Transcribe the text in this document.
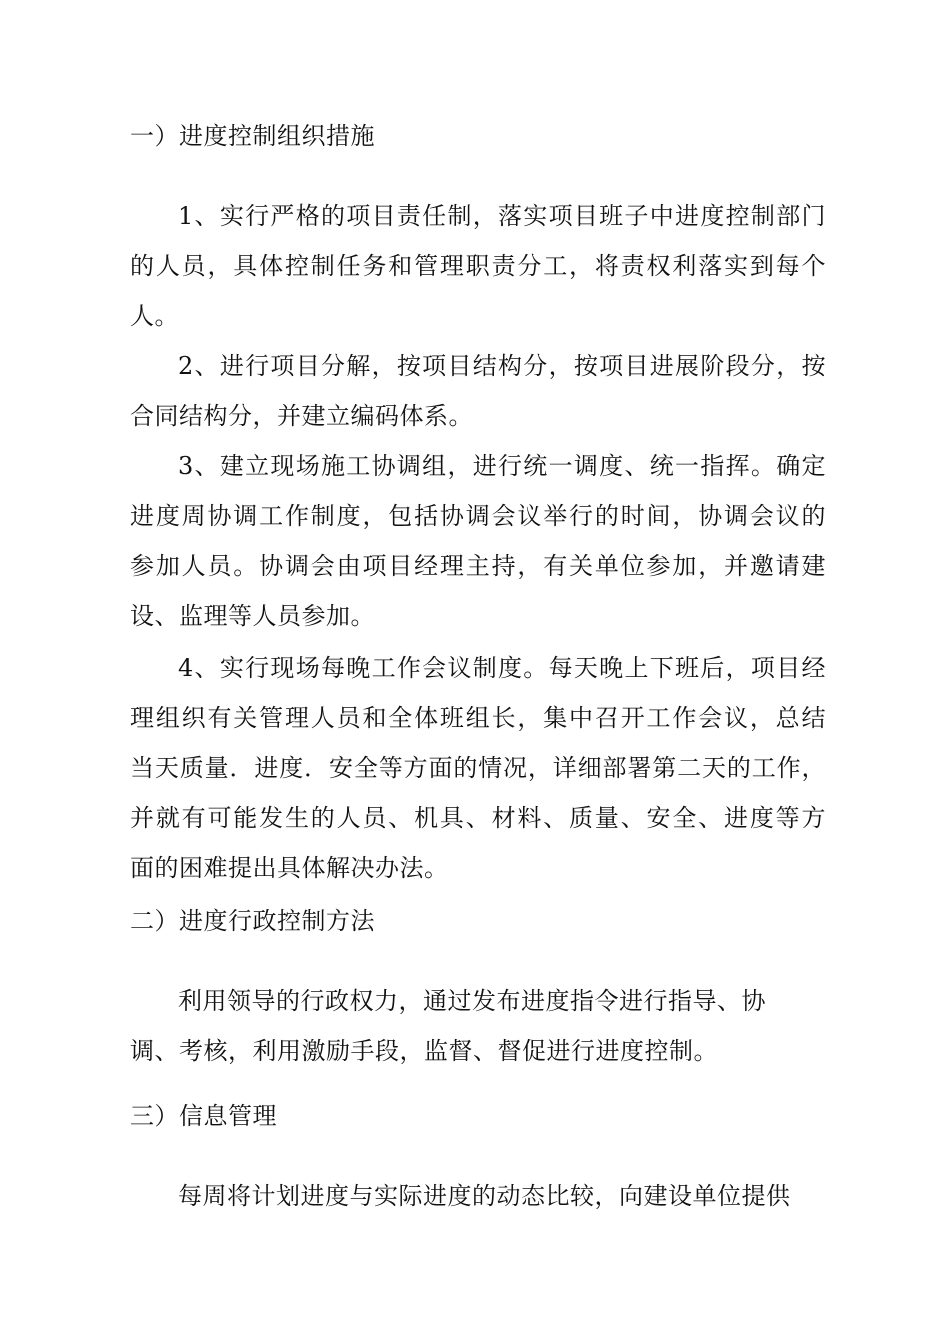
一）进度控制组织措施
1、实行严格的项目责任制，落实项目班子中进度控制部门
的人员，具体控制任务和管理职责分工，将责权利落实到每个
人。
2、进行项目分解，按项目结构分，按项目进展阶段分，按
合同结构分，并建立编码体系。
3、建立现场施工协调组，进行统一调度、统一指挥。确定
进度周协调工作制度，包括协调会议举行的时间，协调会议的
参加人员。协调会由项目经理主持，有关单位参加，并邀请建
设、监理等人员参加。
4、实行现场每晚工作会议制度。每天晚上下班后，项目经
理组织有关管理人员和全体班组长，集中召开工作会议，总结
当天质量．进度．安全等方面的情况，详细部署第二天的工作，
并就有可能发生的人员、机具、材料、质量、安全、进度等方
面的困难提出具体解决办法。
二）进度行政控制方法
利用领导的行政权力，通过发布进度指令进行指导、协
调、考核，利用激励手段，监督、督促进行进度控制。
三）信息管理
每周将计划进度与实际进度的动态比较，向建设单位提供
